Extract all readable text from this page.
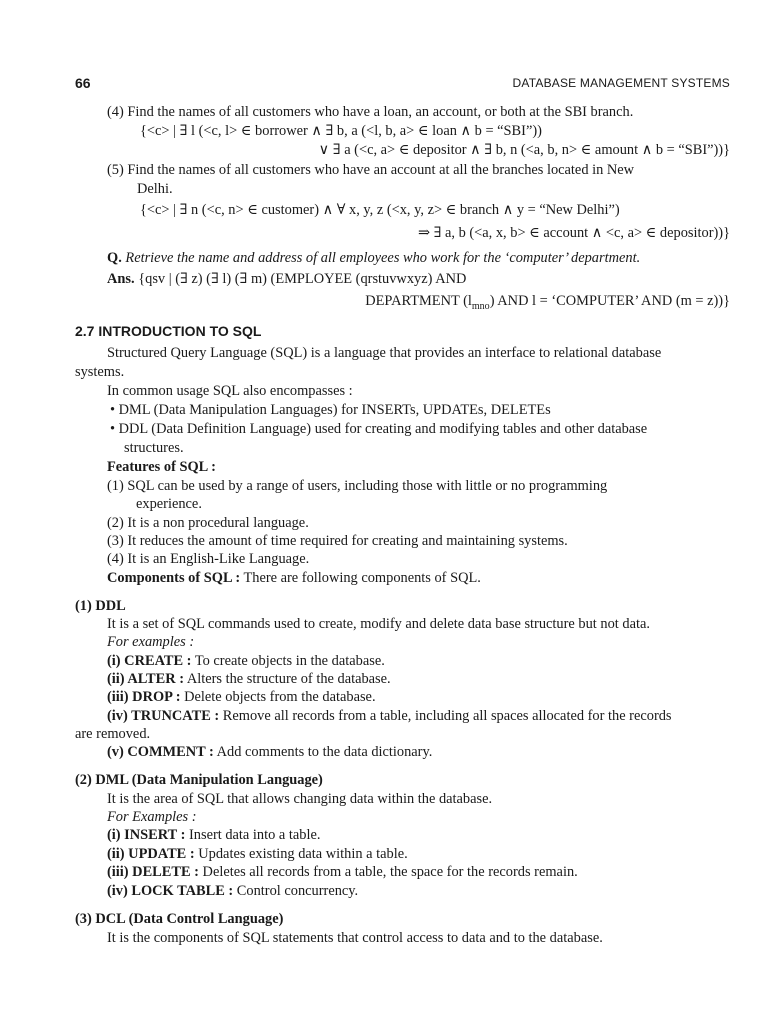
66	DATABASE MANAGEMENT SYSTEMS
(4) Find the names of all customers who have a loan, an account, or both at the SBI branch.
{<c> | ∃ l (<c, l> ∈ borrower ∧ ∃ b, a (<l, b, a> ∈ loan ∧ b = “SBI”))
∨ ∃ a (<c, a> ∈ depositor ∧ ∃ b, n (<a, b, n> ∈ amount ∧ b = “SBI”))}
(5) Find the names of all customers who have an account at all the branches located in New
Delhi.
{<c> | ∃ n (<c, n> ∈ customer) ∧ ∀ x, y, z (<x, y, z> ∈ branch ∧ y = “New Delhi”)
⇒ ∃ a, b (<a, x, b> ∈ account ∧ <c, a> ∈ depositor))}
Q. Retrieve the name and address of all employees who work for the ‘computer’ department.
Ans. {qsv | (∃ z) (∃ l) (∃ m) (EMPLOYEE (qrstuvwxyz) AND
DEPARTMENT $(l_{mno})$ AND l = ‘COMPUTER’ AND (m = z))}
2.7 INTRODUCTION TO SQL
Structured Query Language (SQL) is a language that provides an interface to relational database
systems.
In common usage SQL also encompasses :
• DML (Data Manipulation Languages) for INSERTs, UPDATEs, DELETEs
• DDL (Data Definition Language) used for creating and modifying tables and other database
structures.
Features of SQL :
(1) SQL can be used by a range of users, including those with little or no programming
experience.
(2) It is a non procedural language.
(3) It reduces the amount of time required for creating and maintaining systems.
(4) It is an English-Like Language.
Components of SQL : There are following components of SQL.
(1) DDL
It is a set of SQL commands used to create, modify and delete data base structure but not data.
For examples :
(i) CREATE : To create objects in the database.
(ii) ALTER : Alters the structure of the database.
(iii) DROP : Delete objects from the database.
(iv) TRUNCATE : Remove all records from a table, including all spaces allocated for the records
are removed.
(v) COMMENT : Add comments to the data dictionary.
(2) DML (Data Manipulation Language)
It is the area of SQL that allows changing data within the database.
For Examples :
(i) INSERT : Insert data into a table.
(ii) UPDATE : Updates existing data within a table.
(iii) DELETE : Deletes all records from a table, the space for the records remain.
(iv) LOCK TABLE : Control concurrency.
(3) DCL (Data Control Language)
It is the components of SQL statements that control access to data and to the database.
